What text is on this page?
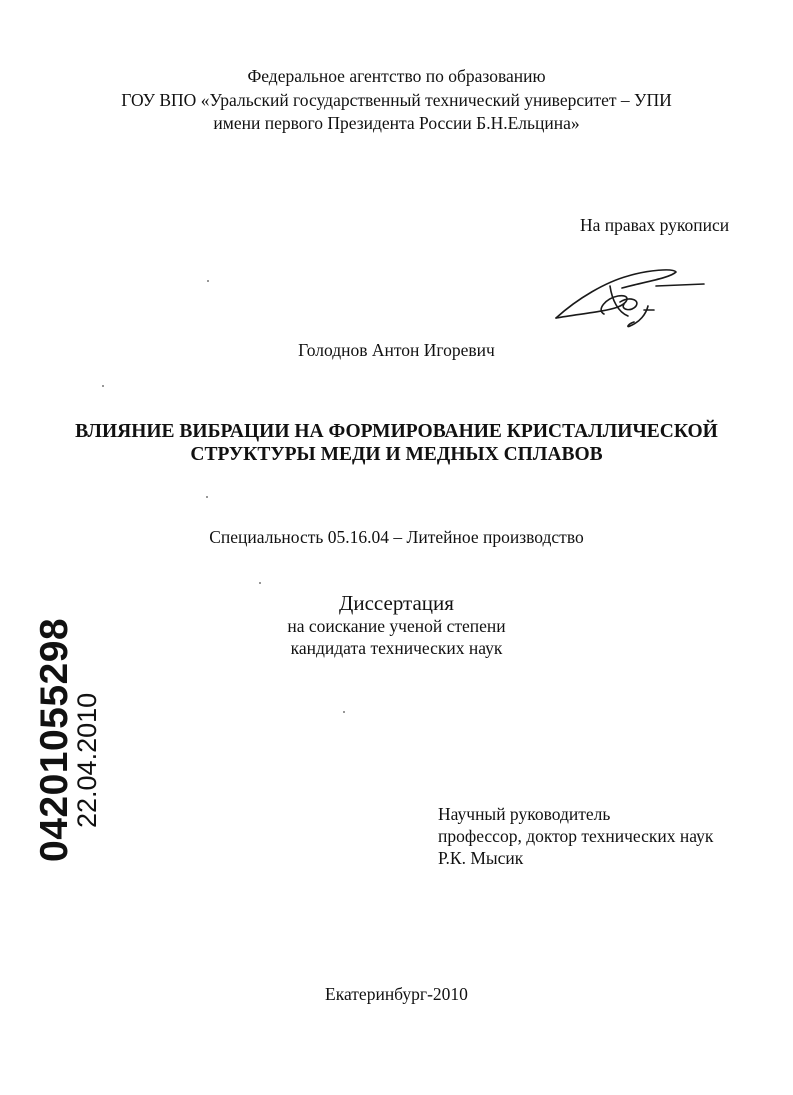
Федеральное агентство по образованию
ГОУ ВПО «Уральский государственный технический университет – УПИ
имени первого Президента России Б.Н.Ельцина»
На правах рукописи
Голоднов Антон Игоревич
ВЛИЯНИЕ ВИБРАЦИИ НА ФОРМИРОВАНИЕ КРИСТАЛЛИЧЕСКОЙ
СТРУКТУРЫ МЕДИ И МЕДНЫХ СПЛАВОВ
Специальность 05.16.04 – Литейное производство
Диссертация
на соискание ученой степени
кандидата технических наук
Научный руководитель
профессор, доктор технических наук
Р.К. Мысик
Екатеринбург-2010
04201055298
22.04.2010
